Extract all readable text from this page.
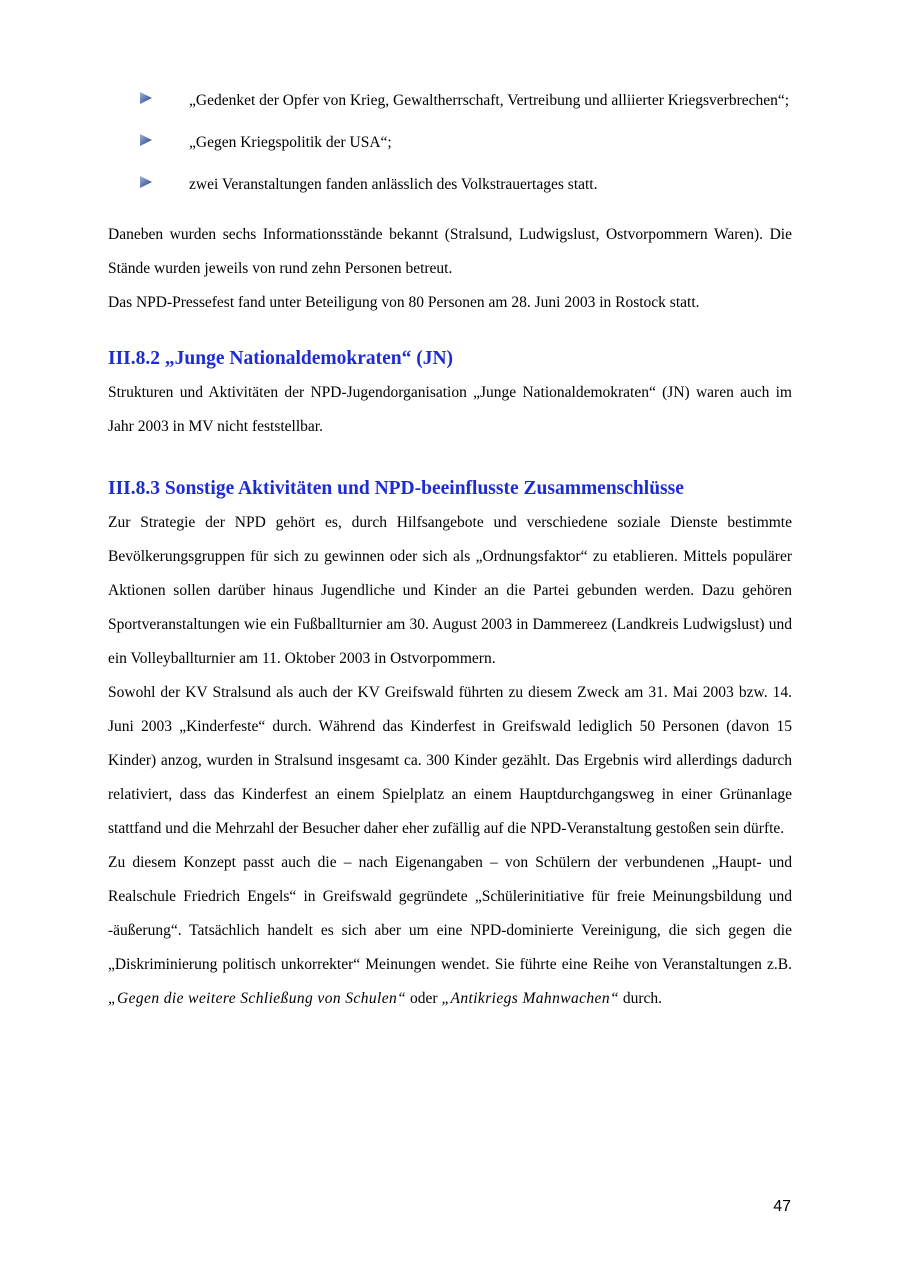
„Gedenket der Opfer von Krieg, Gewaltherrschaft, Vertreibung und alliierter Kriegsverbrechen“;
„Gegen Kriegspolitik der USA“;
zwei Veranstaltungen fanden anlässlich des Volkstrauertages statt.

Daneben wurden sechs Informationsstände bekannt (Stralsund, Ludwigslust, Ostvorpommern Waren). Die Stände wurden jeweils von rund zehn Personen betreut.

Das NPD-Pressefest fand unter Beteiligung von 80 Personen am 28. Juni 2003 in Rostock statt.

III.8.2 „Junge Nationaldemokraten“ (JN)

Strukturen und Aktivitäten der NPD-Jugendorganisation „Junge Nationaldemokraten“ (JN) waren auch im Jahr 2003 in MV nicht feststellbar.

III.8.3 Sonstige Aktivitäten und NPD-beeinflusste Zusammenschlüsse

Zur Strategie der NPD gehört es, durch Hilfsangebote und verschiedene soziale Dienste bestimmte Bevölkerungsgruppen für sich zu gewinnen oder sich als „Ordnungsfaktor“ zu etablieren. Mittels populärer Aktionen sollen darüber hinaus Jugendliche und Kinder an die Partei gebunden werden. Dazu gehören Sportveranstaltungen wie ein Fußballturnier am 30. August 2003 in Dammereez (Landkreis Ludwigslust) und ein Volleyballturnier am 11. Oktober 2003 in Ostvorpommern.

Sowohl der KV Stralsund als auch der KV Greifswald führten zu diesem Zweck am 31. Mai 2003 bzw. 14. Juni 2003 „Kinderfeste“ durch. Während das Kinderfest in Greifswald lediglich 50 Personen (davon 15 Kinder) anzog, wurden in Stralsund insgesamt ca. 300 Kinder gezählt. Das Ergebnis wird allerdings dadurch relativiert, dass das Kinderfest an einem Spielplatz an einem Hauptdurchgangsweg in einer Grünanlage stattfand und die Mehrzahl der Besucher daher eher zufällig auf die NPD-Veranstaltung gestoßen sein dürfte.

Zu diesem Konzept passt auch die – nach Eigenangaben – von Schülern der verbundenen „Haupt- und Realschule Friedrich Engels“ in Greifswald gegründete „Schülerinitiative für freie Meinungsbildung und -äußerung“. Tatsächlich handelt es sich aber um eine NPD-dominierte Vereinigung, die sich gegen die „Diskriminierung politisch unkorrekter“ Meinungen wendet. Sie führte eine Reihe von Veranstaltungen z.B. „Gegen die weitere Schließung von Schulen“ oder „Antikriegs Mahnwachen“ durch.

47
